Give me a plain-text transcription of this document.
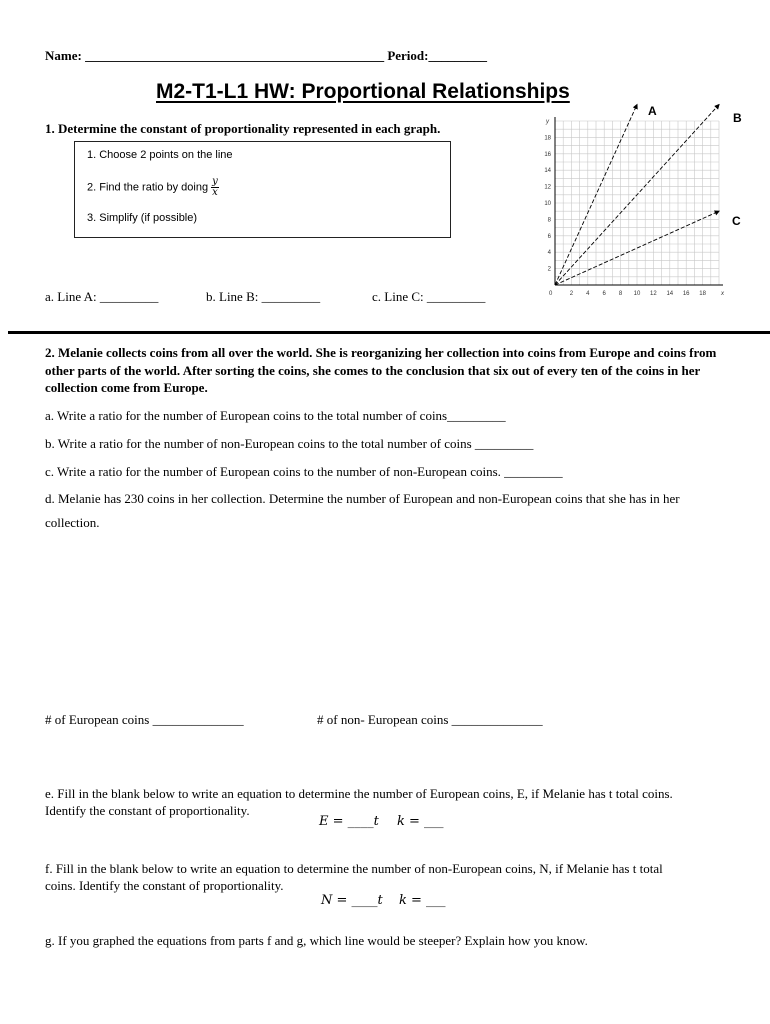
Name: ______________________________________________ Period:_________
M2-T1-L1 HW: Proportional Relationships
1. Determine the constant of proportionality represented in each graph.
1. Choose 2 points on the line
2. Find the ratio by doing $\frac{y}{x}$
3. Simplify (if possible)
a. Line A: _________	b. Line B: _________	c. Line C: _________	2 4 6 8 10 12 14 16 18
2
4
6
8
10
12
14
16
18
0
y
x
A	B
C
2. Melanie collects coins from all over the world. She is reorganizing her collection into coins from Europe and coins from other parts of the world. After sorting the coins, she comes to the conclusion that six out of every ten of the coins in her collection come from Europe.
a. Write a ratio for the number of European coins to the total number of coins_________
b. Write a ratio for the number of non-European coins to the total number of coins _________
c. Write a ratio for the number of European coins to the number of non-European coins. _________
d. Melanie has 230 coins in her collection. Determine the number of European and non-European coins that she has in her
collection.
# of European coins ______________	# of non- European coins ______________
e. Fill in the blank below to write an equation to determine the number of European coins, E, if Melanie has t total coins.
Identify the constant of proportionality.
E = ____t k = ___
f. Fill in the blank below to write an equation to determine the number of non-European coins, N, if Melanie has t total
coins. Identify the constant of proportionality.
N = ____t k = ___
g. If you graphed the equations from parts f and g, which line would be steeper? Explain how you know.
